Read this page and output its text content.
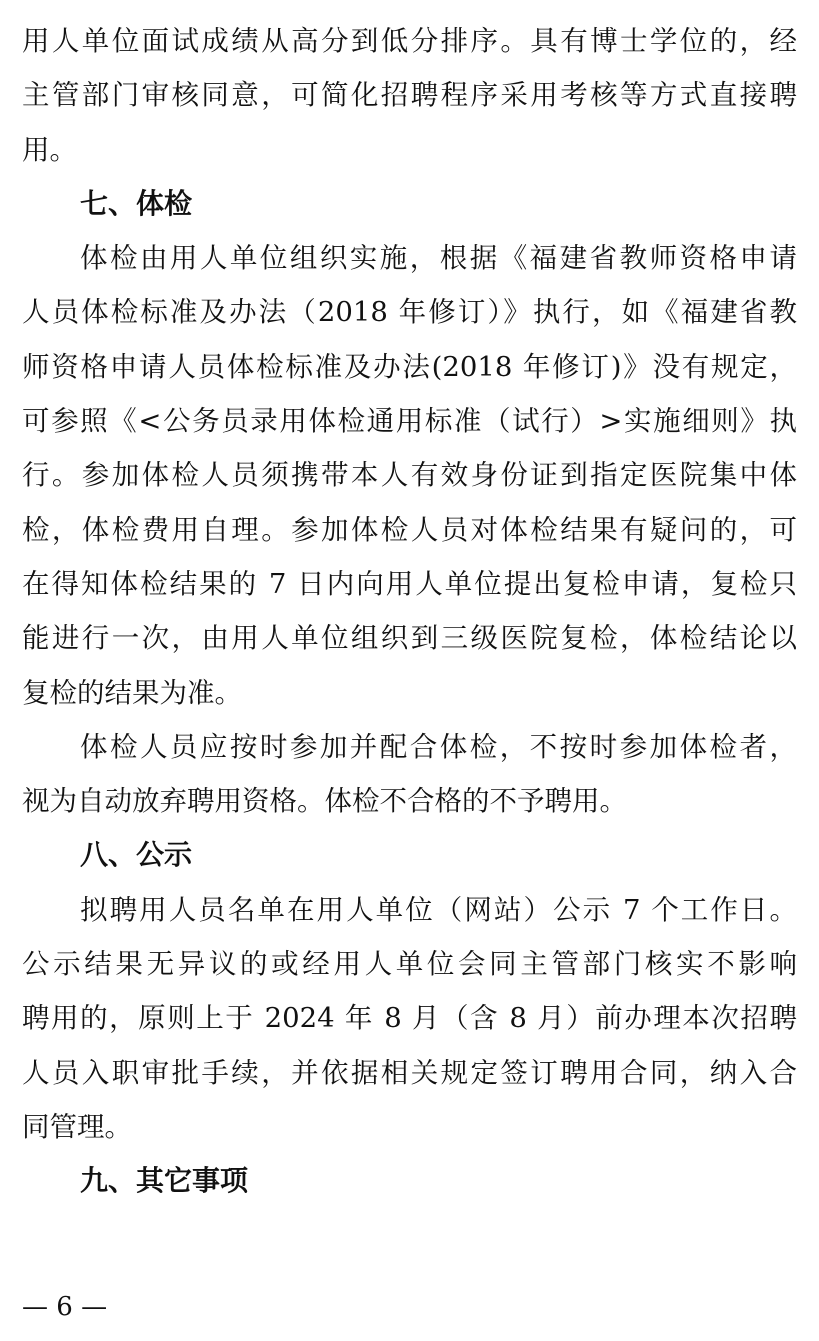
用人单位面试成绩从高分到低分排序。具有博士学位的，经
主管部门审核同意，可简化招聘程序采用考核等方式直接聘
用。
七、体检
体检由用人单位组织实施，根据《福建省教师资格申请
人员体检标准及办法（2018 年修订）》执行，如《福建省教
师资格申请人员体检标准及办法(2018 年修订)》没有规定，
可参照《<公务员录用体检通用标准（试行）>实施细则》执
行。参加体检人员须携带本人有效身份证到指定医院集中体
检，体检费用自理。参加体检人员对体检结果有疑问的，可
在得知体检结果的 7 日内向用人单位提出复检申请，复检只
能进行一次，由用人单位组织到三级医院复检，体检结论以
复检的结果为准。
体检人员应按时参加并配合体检，不按时参加体检者，
视为自动放弃聘用资格。体检不合格的不予聘用。
八、公示
拟聘用人员名单在用人单位（网站）公示 7 个工作日。
公示结果无异议的或经用人单位会同主管部门核实不影响
聘用的，原则上于 2024 年 8 月（含 8 月）前办理本次招聘
人员入职审批手续，并依据相关规定签订聘用合同，纳入合
同管理。
九、其它事项
— 6 —
